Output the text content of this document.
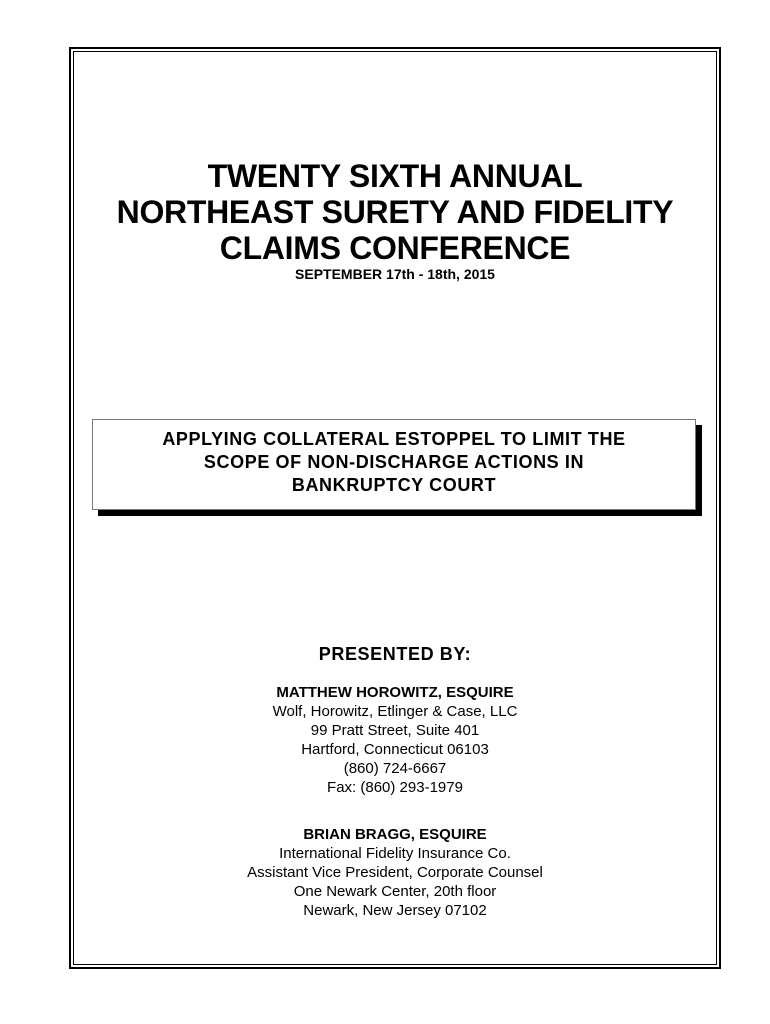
TWENTY SIXTH ANNUAL
NORTHEAST SURETY AND FIDELITY
CLAIMS CONFERENCE
SEPTEMBER 17th - 18th, 2015
APPLYING COLLATERAL ESTOPPEL TO LIMIT THE
SCOPE OF NON-DISCHARGE ACTIONS IN
BANKRUPTCY COURT
PRESENTED BY:
MATTHEW HOROWITZ, ESQUIRE
Wolf, Horowitz, Etlinger & Case, LLC
99 Pratt Street, Suite 401
Hartford, Connecticut 06103
(860) 724-6667
Fax: (860) 293-1979
BRIAN BRAGG, ESQUIRE
International Fidelity Insurance Co.
Assistant Vice President, Corporate Counsel
One Newark Center, 20th floor
Newark, New Jersey 07102
